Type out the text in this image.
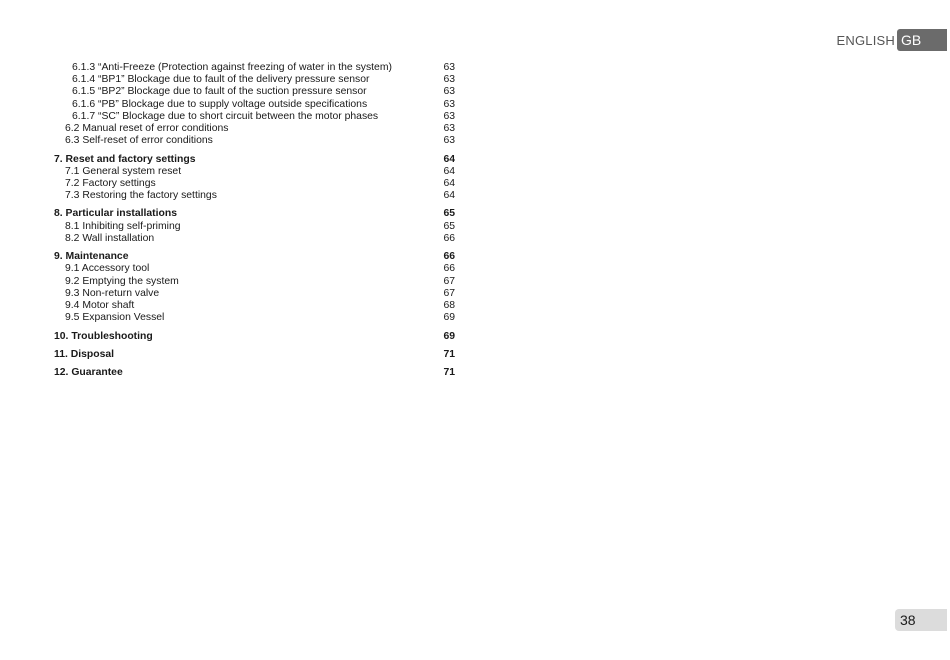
ENGLISH GB
6.1.3 “Anti-Freeze (Protection against freezing of water in the system)	63
6.1.4 “BP1” Blockage due to fault of the delivery pressure sensor	63
6.1.5 “BP2” Blockage due to fault of the suction pressure sensor	63
6.1.6 “PB” Blockage due to supply voltage outside specifications	63
6.1.7 “SC” Blockage due to short circuit between the motor phases	63
6.2 Manual reset of error conditions	63
6.3 Self-reset of error conditions	63
7. Reset and factory settings	64
7.1 General system reset	64
7.2 Factory settings	64
7.3 Restoring the factory settings	64
8. Particular installations	65
8.1 Inhibiting self-priming	65
8.2 Wall installation	66
9. Maintenance	66
9.1 Accessory tool	66
9.2 Emptying the system	67
9.3 Non-return valve	67
9.4 Motor shaft	68
9.5 Expansion Vessel	69
10. Troubleshooting	69
11. Disposal	71
12. Guarantee	71
38
